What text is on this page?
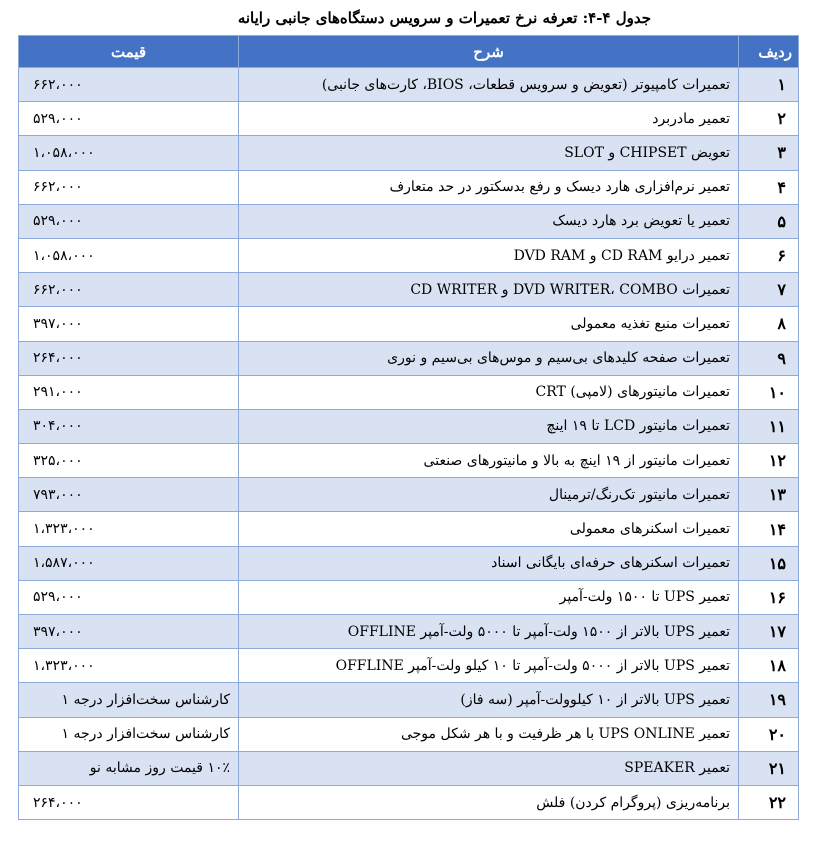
جدول ۴-۴: تعرفه نرخ تعمیرات و سرویس دستگاه‌های جانبی رایانه
ردیف	شرح	قیمت
۱	تعمیرات کامپیوتر (تعویض و سرویس قطعات، BIOS، کارت‌های جانبی)	۶۶۲،۰۰۰
۲	تعمیر مادربرد	۵۲۹،۰۰۰
۳	تعویض CHIPSET و SLOT	۱،۰۵۸،۰۰۰
۴	تعمیر نرم‌افزاری هارد دیسک و رفع بدسکتور در حد متعارف	۶۶۲،۰۰۰
۵	تعمیر یا تعویض برد هارد دیسک	۵۲۹،۰۰۰
۶	تعمیر درایو CD RAM و DVD RAM	۱،۰۵۸،۰۰۰
۷	تعمیرات DVD WRITER، COMBO و CD WRITER	۶۶۲،۰۰۰
۸	تعمیرات منبع تغذیه معمولی	۳۹۷،۰۰۰
۹	تعمیرات صفحه کلیدهای بی‌سیم و موس‌های بی‌سیم و نوری	۲۶۴،۰۰۰
۱۰	تعمیرات مانیتورهای (لامپی) CRT	۲۹۱،۰۰۰
۱۱	تعمیرات مانیتور LCD تا ۱۹ اینچ	۳۰۴،۰۰۰
۱۲	تعمیرات مانیتور از ۱۹ اینچ به بالا و مانیتورهای صنعتی	۳۲۵،۰۰۰
۱۳	تعمیرات مانیتور تک‌رنگ/ترمینال	۷۹۳،۰۰۰
۱۴	تعمیرات اسکنرهای معمولی	۱،۳۲۳،۰۰۰
۱۵	تعمیرات اسکنرهای حرفه‌ای بایگانی اسناد	۱،۵۸۷،۰۰۰
۱۶	تعمیر UPS تا ۱۵۰۰ ولت-آمپر	۵۲۹،۰۰۰
۱۷	تعمیر UPS بالاتر از ۱۵۰۰ ولت-آمپر تا ۵۰۰۰ ولت-آمپر OFFLINE	۳۹۷،۰۰۰
۱۸	تعمیر UPS بالاتر از ۵۰۰۰ ولت-آمپر تا ۱۰ کیلو ولت-آمپر OFFLINE	۱،۳۲۳،۰۰۰
۱۹	تعمیر UPS بالاتر از ۱۰ کیلوولت-آمپر (سه فاز)	کارشناس سخت‌افزار درجه ۱
۲۰	تعمیر UPS ONLINE با هر ظرفیت و با هر شکل موجی	کارشناس سخت‌افزار درجه ۱
۲۱	تعمیر SPEAKER	۱۰٪ قیمت روز مشابه نو
۲۲	برنامه‌ریزی (پروگرام کردن) فلش	۲۶۴،۰۰۰
